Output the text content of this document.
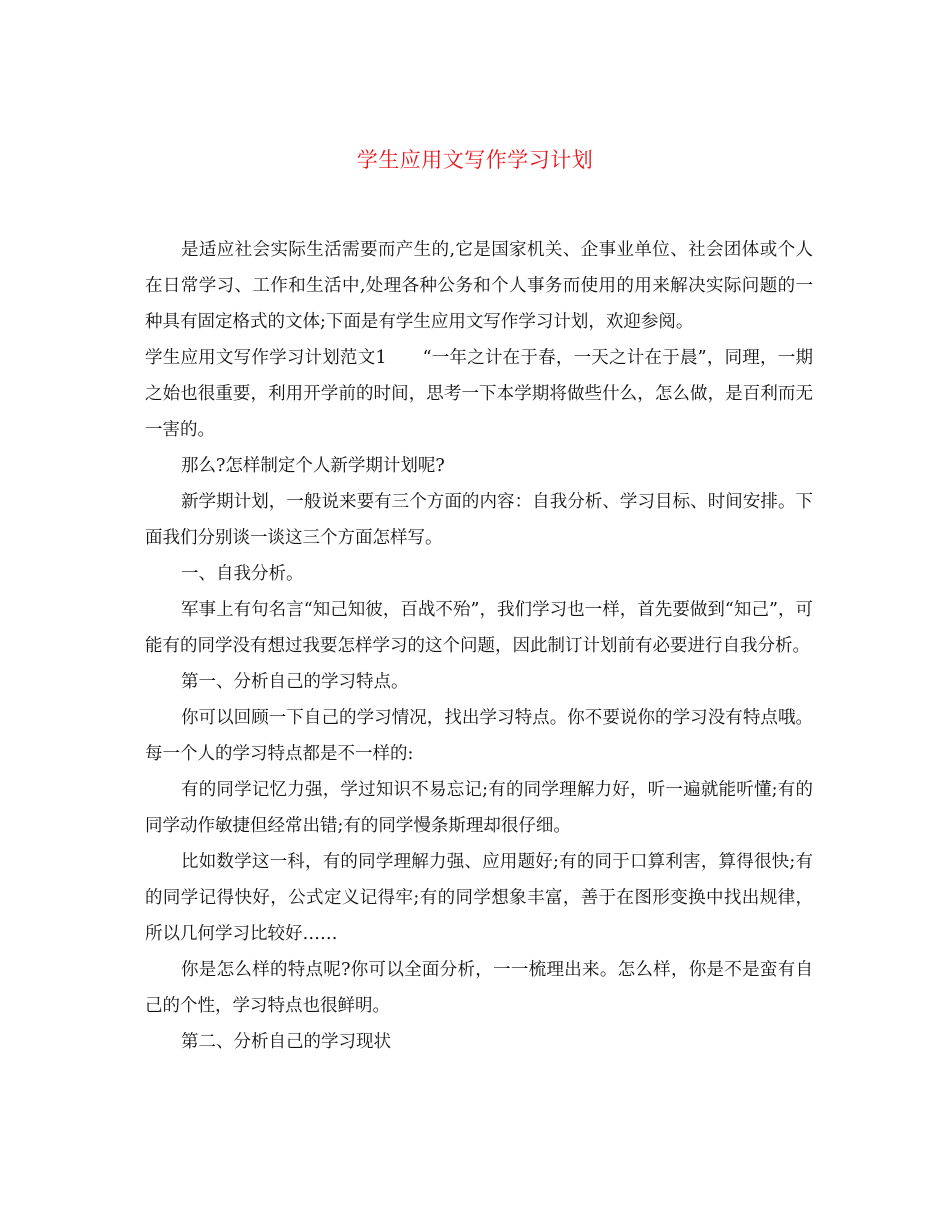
学生应用文写作学习计划

是适应社会实际生活需要而产生的,它是国家机关、企事业单位、社会团体或个人在日常学习、工作和生活中,处理各种公务和个人事务而使用的用来解决实际问题的一种具有固定格式的文体;下面是有学生应用文写作学习计划，欢迎参阅。

学生应用文写作学习计划范文1 “一年之计在于春，一天之计在于晨”，同理，一期之始也很重要，利用开学前的时间，思考一下本学期将做些什么，怎么做，是百利而无一害的。

那么?怎样制定个人新学期计划呢?

新学期计划，一般说来要有三个方面的内容：自我分析、学习目标、时间安排。下面我们分别谈一谈这三个方面怎样写。

一、自我分析。

军事上有句名言“知己知彼，百战不殆”，我们学习也一样，首先要做到“知己”，可能有的同学没有想过我要怎样学习的这个问题，因此制订计划前有必要进行自我分析。

第一、分析自己的学习特点。

你可以回顾一下自己的学习情况，找出学习特点。你不要说你的学习没有特点哦。每一个人的学习特点都是不一样的:

有的同学记忆力强，学过知识不易忘记;有的同学理解力好，听一遍就能听懂;有的同学动作敏捷但经常出错;有的同学慢条斯理却很仔细。

比如数学这一科，有的同学理解力强、应用题好;有的同于口算利害，算得很快;有的同学记得快好，公式定义记得牢;有的同学想象丰富，善于在图形变换中找出规律，所以几何学习比较好……

你是怎么样的特点呢?你可以全面分析，一一梳理出来。怎么样，你是不是蛮有自己的个性，学习特点也很鲜明。

第二、分析自己的学习现状
